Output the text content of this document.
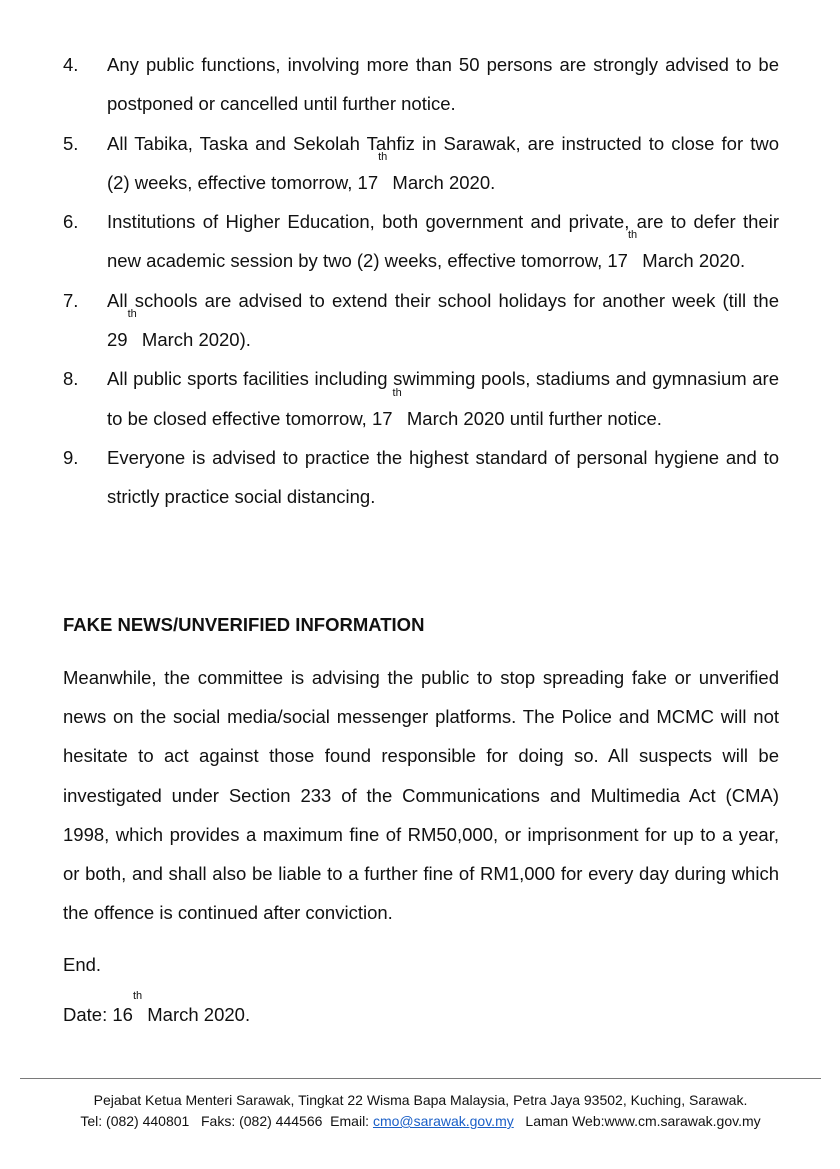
4.	Any public functions, involving more than 50 persons are strongly advised to be postponed or cancelled until further notice.
5.	All Tabika, Taska and Sekolah Tahfiz in Sarawak, are instructed to close for two (2) weeks, effective tomorrow, 17th March 2020.
6.	Institutions of Higher Education, both government and private, are to defer their new academic session by two (2) weeks, effective tomorrow, 17th March 2020.
7.	All schools are advised to extend their school holidays for another week (till the 29th March 2020).
8.	All public sports facilities including swimming pools, stadiums and gymnasium are to be closed effective tomorrow, 17th March 2020 until further notice.
9.	Everyone is advised to practice the highest standard of personal hygiene and to strictly practice social distancing.
FAKE NEWS/UNVERIFIED INFORMATION
Meanwhile, the committee is advising the public to stop spreading fake or unverified news on the social media/social messenger platforms. The Police and MCMC will not hesitate to act against those found responsible for doing so. All suspects will be investigated under Section 233 of the Communications and Multimedia Act (CMA) 1998, which provides a maximum fine of RM50,000, or imprisonment for up to a year, or both, and shall also be liable to a further fine of RM1,000 for every day during which the offence is continued after conviction.
End.
Date: 16th March 2020.
Pejabat Ketua Menteri Sarawak, Tingkat 22 Wisma Bapa Malaysia, Petra Jaya 93502, Kuching, Sarawak.
Tel: (082) 440801   Faks: (082) 444566  Email: cmo@sarawak.gov.my   Laman Web:www.cm.sarawak.gov.my
